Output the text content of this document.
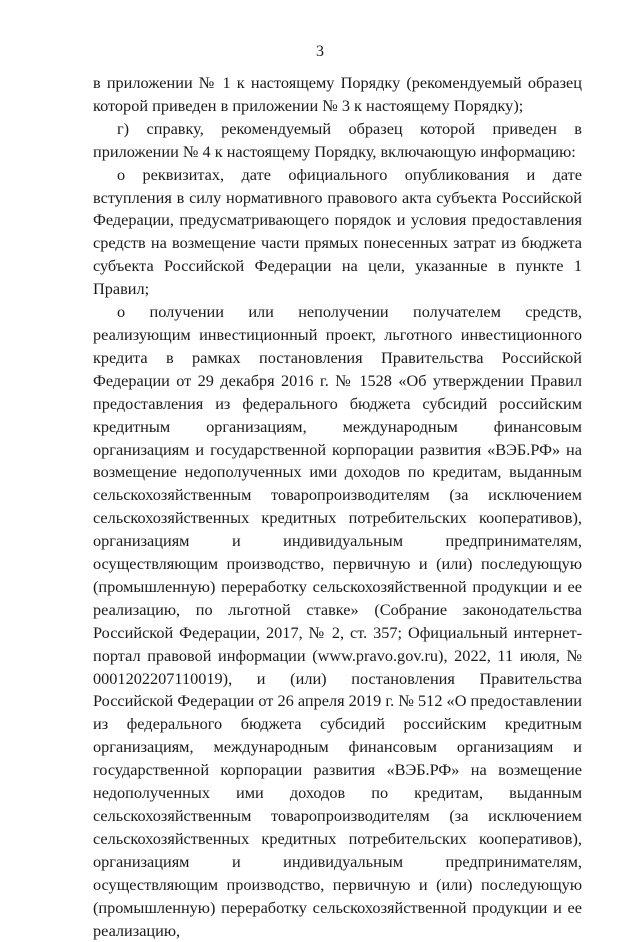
3

в приложении № 1 к настоящему Порядку (рекомендуемый образец которой приведен в приложении № 3 к настоящему Порядку);

г) справку, рекомендуемый образец которой приведен в приложении № 4 к настоящему Порядку, включающую информацию:

о реквизитах, дате официального опубликования и дате вступления в силу нормативного правового акта субъекта Российской Федерации, предусматривающего порядок и условия предоставления средств на возмещение части прямых понесенных затрат из бюджета субъекта Российской Федерации на цели, указанные в пункте 1 Правил;

о получении или неполучении получателем средств, реализующим инвестиционный проект, льготного инвестиционного кредита в рамках постановления Правительства Российской Федерации от 29 декабря 2016 г. № 1528 «Об утверждении Правил предоставления из федерального бюджета субсидий российским кредитным организациям, международным финансовым организациям и государственной корпорации развития «ВЭБ.РФ» на возмещение недополученных ими доходов по кредитам, выданным сельскохозяйственным товаропроизводителям (за исключением сельскохозяйственных кредитных потребительских кооперативов), организациям и индивидуальным предпринимателям, осуществляющим производство, первичную и (или) последующую (промышленную) переработку сельскохозяйственной продукции и ее реализацию, по льготной ставке» (Собрание законодательства Российской Федерации, 2017, № 2, ст. 357; Официальный интернет-портал правовой информации (www.pravo.gov.ru), 2022, 11 июля, № 0001202207110019), и (или) постановления Правительства Российской Федерации от 26 апреля 2019 г. № 512 «О предоставлении из федерального бюджета субсидий российским кредитным организациям, международным финансовым организациям и государственной корпорации развития «ВЭБ.РФ» на возмещение недополученных ими доходов по кредитам, выданным сельскохозяйственным товаропроизводителям (за исключением сельскохозяйственных кредитных потребительских кооперативов), организациям и индивидуальным предпринимателям, осуществляющим производство, первичную и (или) последующую (промышленную) переработку сельскохозяйственной продукции и ее реализацию,
